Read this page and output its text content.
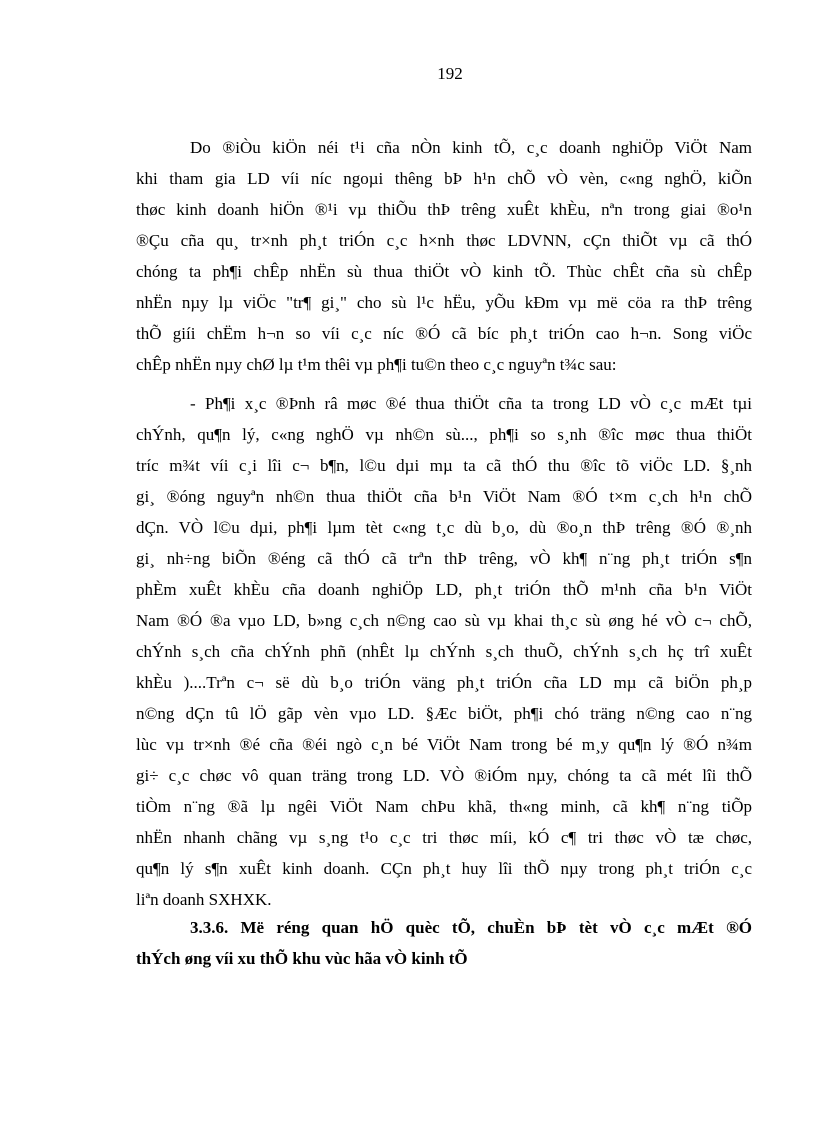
192
Do ®iÒu kiÖn néi t¹i cña nÒn kinh tÕ, c¸c doanh nghiÖp ViÖt Nam
khi tham gia LD víi níc ngoµi thêng bÞ h¹n chÕ vÒ vèn, c«ng nghÖ, kiÕn
thøc kinh doanh hiÖn ®¹i vµ thiÕu thÞ trêng xuÊt khÈu, nªn trong giai ®o¹n
®Çu cña qu¸ tr×nh ph¸t triÓn c¸c h×nh thøc LDVNN, cÇn thiÕt vµ cã thÓ
chóng ta ph¶i chÊp nhËn sù thua thiÖt vÒ kinh tÕ. Thùc chÊt cña sù chÊp
nhËn nµy lµ viÖc "tr¶ gi¸" cho sù l¹c hËu, yÕu kÐm vµ më cöa ra thÞ trêng
thÕ giíi chËm h¬n so víi c¸c níc ®Ó cã bíc ph¸t triÓn cao h¬n. Song viÖc
chÊp nhËn nµy chØ lµ t¹m thêi vµ ph¶i tu©n theo c¸c nguyªn t¾c sau:
- Ph¶i x¸c ®Þnh râ møc ®é thua thiÖt cña ta trong LD vÒ c¸c mÆt tµi
chÝnh, qu¶n lý, c«ng nghÖ vµ nh©n sù..., ph¶i so s¸nh ®îc møc thua thiÖt
tríc m¾t víi c¸i lîi c¬ b¶n, l©u dµi mµ ta cã thÓ thu ®îc tõ viÖc LD. §¸nh
gi¸ ®óng nguyªn nh©n thua thiÖt cña b¹n ViÖt Nam ®Ó t×m c¸ch h¹n chÕ
dÇn. VÒ l©u dµi, ph¶i lµm tèt c«ng t¸c dù b¸o, dù ®o¸n thÞ trêng ®Ó ®¸nh
gi¸ nh÷ng biÕn ®éng cã thÓ cã trªn thÞ trêng, vÒ kh¶ n¨ng ph¸t triÓn s¶n
phÈm xuÊt khÈu cña doanh nghiÖp LD, ph¸t triÓn thÕ m¹nh cña b¹n ViÖt
Nam ®Ó ®a vµo LD, b»ng c¸ch n©ng cao sù vµ khai th¸c sù øng hé vÒ c¬ chÕ,
chÝnh s¸ch cña chÝnh phñ (nhÊt lµ chÝnh s¸ch thuÕ, chÝnh s¸ch hç trî xuÊt
khÈu )....Trªn c¬ së dù b¸o triÓn väng ph¸t triÓn cña LD mµ cã biÖn ph¸p
n©ng dÇn tû lÖ gãp vèn vµo LD. §Æc biÖt, ph¶i chó träng n©ng cao n¨ng
lùc vµ tr×nh ®é cña ®éi ngò c¸n bé ViÖt Nam trong bé m¸y qu¶n lý ®Ó n¾m
gi÷ c¸c chøc vô quan träng trong LD. VÒ ®iÓm nµy, chóng ta cã mét lîi thÕ
tiÒm n¨ng ®ã lµ ngêi ViÖt Nam chÞu khã, th«ng minh, cã kh¶ n¨ng tiÕp
nhËn nhanh chãng vµ s¸ng t¹o c¸c tri thøc míi, kÓ c¶ tri thøc vÒ tæ chøc,
qu¶n lý s¶n xuÊt kinh doanh. CÇn ph¸t huy lîi thÕ nµy trong ph¸t triÓn c¸c
liªn doanh SXHXK.
3.3.6. Më réng quan hÖ quèc tÕ, chuÈn bÞ tèt vÒ c¸c mÆt ®Ó
thÝch øng víi xu thÕ khu vùc hãa vÒ kinh tÕ
